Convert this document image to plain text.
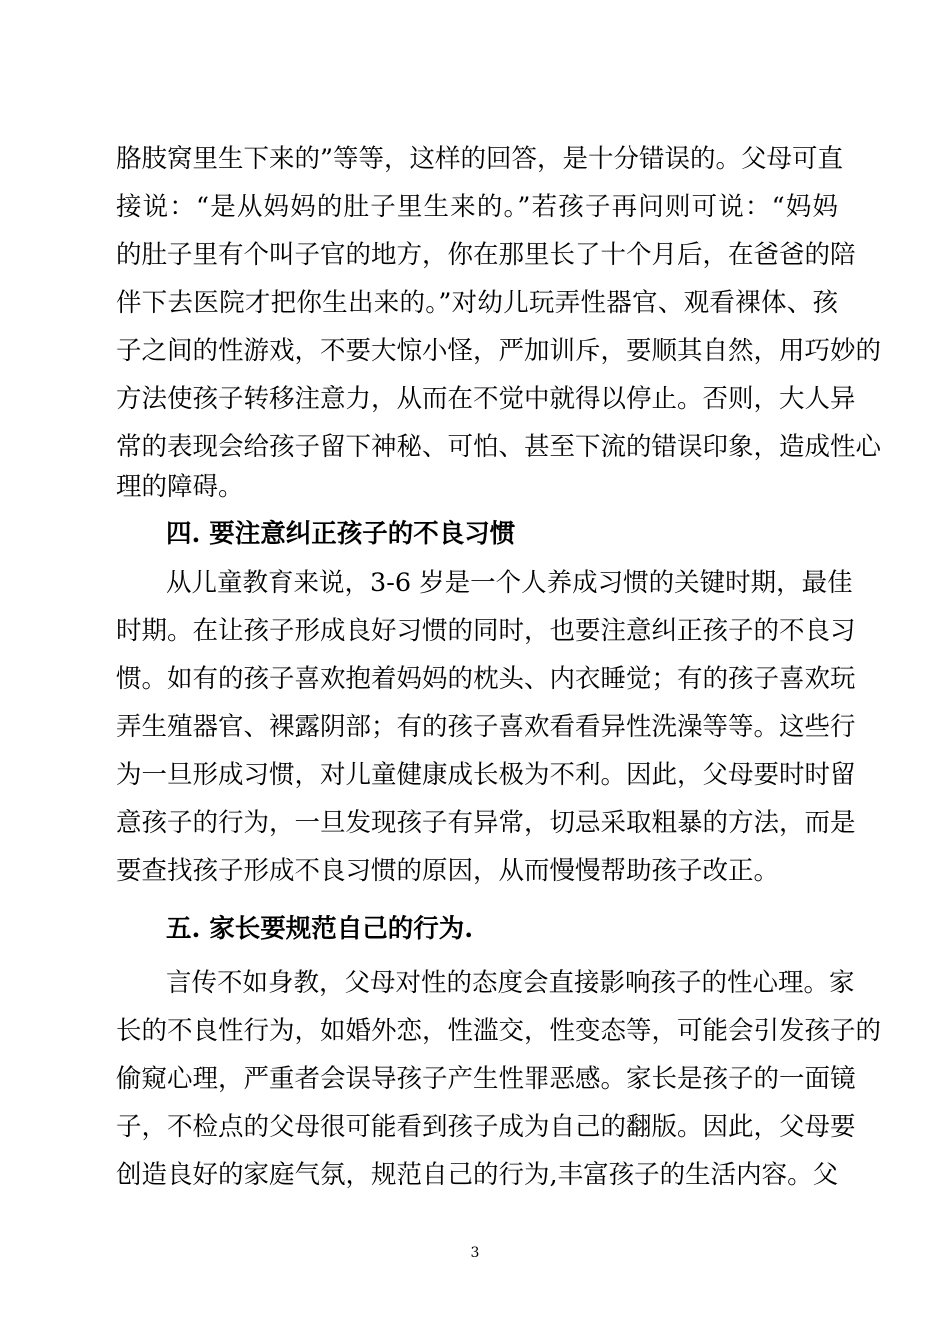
胳肢窝里生下来的”等等，这样的回答，是十分错误的。父母可直
接说：“是从妈妈的肚子里生来的。”若孩子再问则可说：“妈妈
的肚子里有个叫子官的地方，你在那里长了十个月后，在爸爸的陪
伴下去医院才把你生出来的。”对幼儿玩弄性器官、观看裸体、孩
子之间的性游戏，不要大惊小怪，严加训斥，要顺其自然，用巧妙的
方法使孩子转移注意力，从而在不觉中就得以停止。否则，大人异
常的表现会给孩子留下神秘、可怕、甚至下流的错误印象，造成性心
理的障碍。
四. 要注意纠正孩子的不良习惯
从儿童教育来说，3-6 岁是一个人养成习惯的关键时期，最佳
时期。在让孩子形成良好习惯的同时，也要注意纠正孩子的不良习
惯。如有的孩子喜欢抱着妈妈的枕头、内衣睡觉；有的孩子喜欢玩
弄生殖器官、裸露阴部；有的孩子喜欢看看异性洗澡等等。这些行
为一旦形成习惯，对儿童健康成长极为不利。因此，父母要时时留
意孩子的行为，一旦发现孩子有异常，切忌采取粗暴的方法，而是
要查找孩子形成不良习惯的原因，从而慢慢帮助孩子改正。
五. 家长要规范自己的行为.
言传不如身教，父母对性的态度会直接影响孩子的性心理。家
长的不良性行为，如婚外恋，性滥交，性变态等，可能会引发孩子的
偷窥心理，严重者会误导孩子产生性罪恶感。家长是孩子的一面镜
子，不检点的父母很可能看到孩子成为自己的翻版。因此，父母要
创造良好的家庭气氛，规范自己的行为,丰富孩子的生活内容。父
3
